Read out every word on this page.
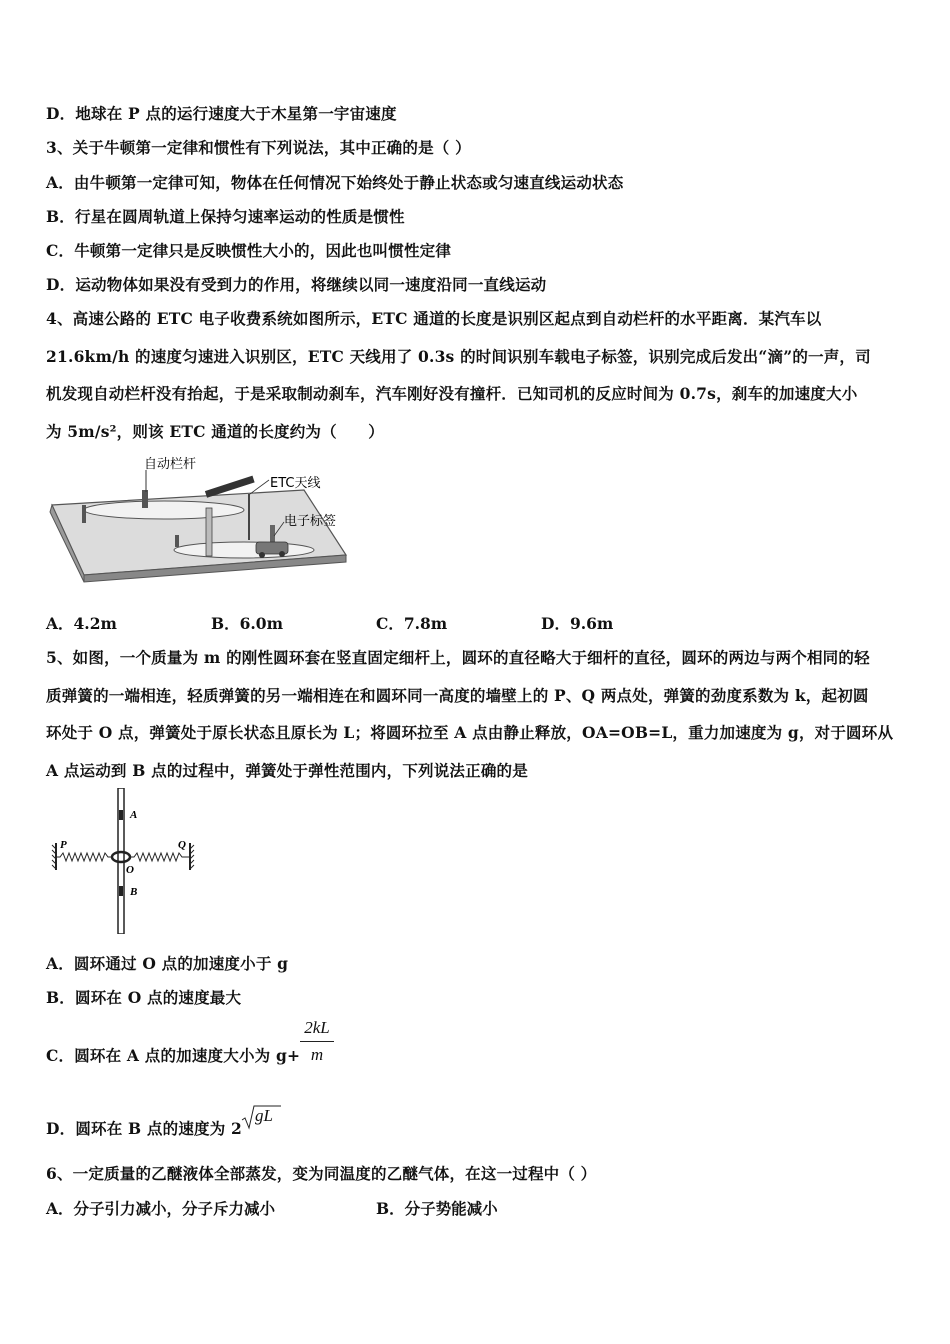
D．地球在 P 点的运行速度大于木星第一宇宙速度
3、关于牛顿第一定律和惯性有下列说法，其中正确的是（ ）
A．由牛顿第一定律可知，物体在任何情况下始终处于静止状态或匀速直线运动状态
B．行星在圆周轨道上保持匀速率运动的性质是惯性
C．牛顿第一定律只是反映惯性大小的，因此也叫惯性定律
D．运动物体如果没有受到力的作用，将继续以同一速度沿同一直线运动
4、高速公路的 ETC 电子收费系统如图所示，ETC 通道的长度是识别区起点到自动栏杆的水平距离．某汽车以
21.6km/h 的速度匀速进入识别区，ETC 天线用了 0.3s 的时间识别车载电子标签，识别完成后发出“滴”的一声，司
机发现自动栏杆没有抬起，于是采取制动刹车，汽车刚好没有撞杆．已知司机的反应时间为 0.7s，刹车的加速度大小
为 5m/s²，则该 ETC 通道的长度约为（　　）
自动栏杆
ETC天线
电子标签
A．4.2m	B．6.0m	C．7.8m	D．9.6m
5、如图，一个质量为 m 的刚性圆环套在竖直固定细杆上，圆环的直径略大于细杆的直径，圆环的两边与两个相同的轻
质弹簧的一端相连，轻质弹簧的另一端相连在和圆环同一高度的墙壁上的 P、Q 两点处，弹簧的劲度系数为 k，起初圆
环处于 O 点，弹簧处于原长状态且原长为 L；将圆环拉至 A 点由静止释放，OA=OB=L，重力加速度为 g，对于圆环从
A 点运动到 B 点的过程中，弹簧处于弹性范围内，下列说法正确的是
P	Q
A
O
B
A．圆环通过 O 点的加速度小于 g
B．圆环在 O 点的速度最大
C．圆环在 A 点的加速度大小为 $g+ \frac{2kL}{m}$
D．圆环在 B 点的速度为 2
gL
6、一定质量的乙醚液体全部蒸发，变为同温度的乙醚气体，在这一过程中（ ）
A．分子引力减小，分子斥力减小	B．分子势能减小
